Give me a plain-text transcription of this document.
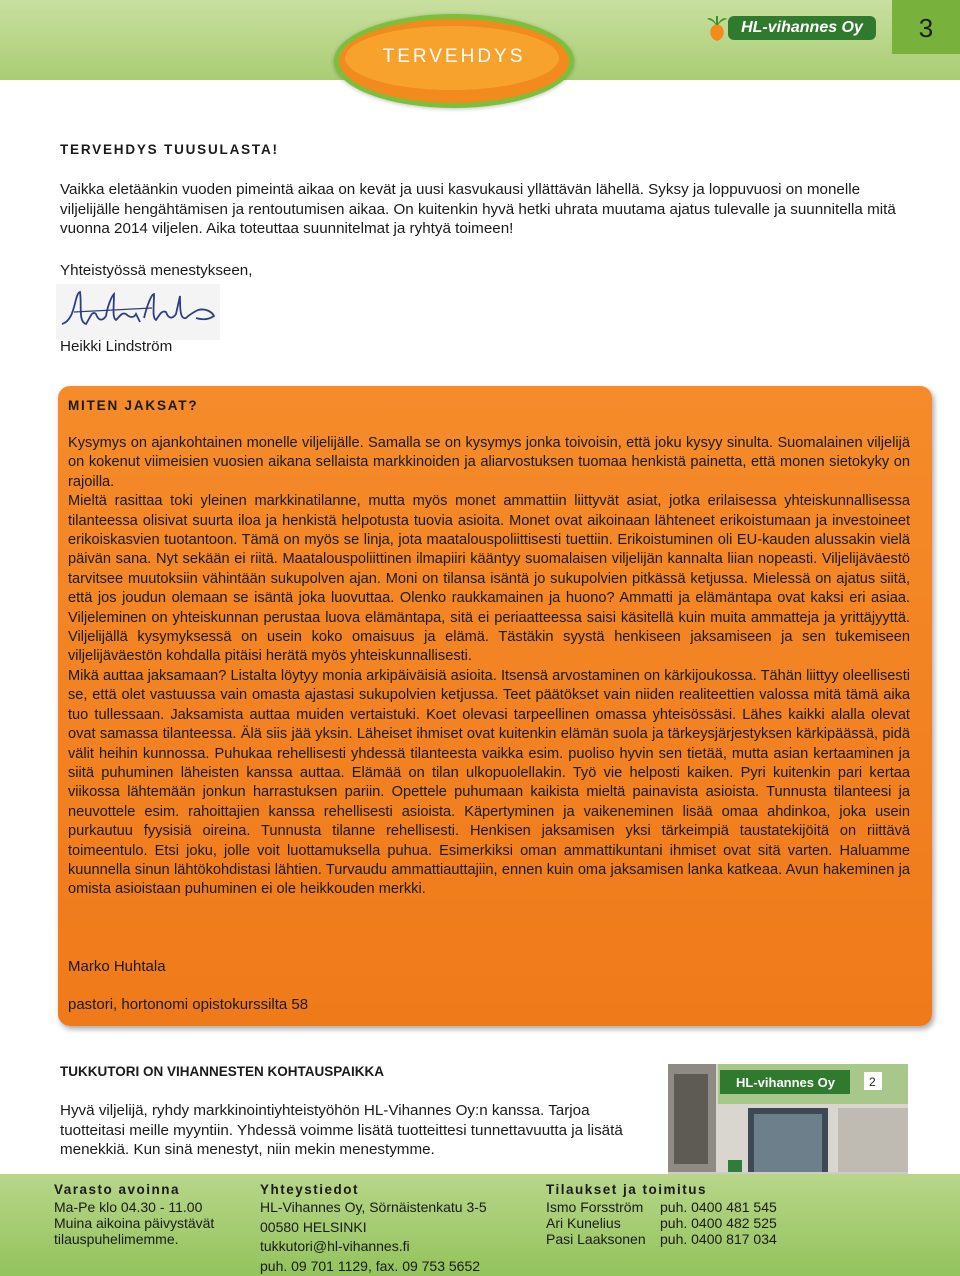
3
TERVEHDYS
HL-vihannes Oy
TERVEHDYS TUUSULASTA!
Vaikka eletäänkin vuoden pimeintä aikaa on kevät ja uusi kasvukausi yllättävän lähellä. Syksy ja loppuvuosi on monelle viljelijälle hengähtämisen ja rentoutumisen aikaa. On kuitenkin hyvä hetki uhrata muutama ajatus tulevalle ja suunnitella mitä vuonna 2014 viljelen. Aika toteuttaa suunnitelmat ja ryhtyä toimeen!
Yhteistyössä menestykseen,
Heikki Lindström
MITEN JAKSAT?

Kysymys on ajankohtainen monelle viljelijälle. Samalla se on kysymys jonka toivoisin, että joku kysyy sinulta. Suomalainen viljelijä on kokenut viimeisien vuosien aikana sellaista markkinoiden ja aliarvostuksen tuomaa henkistä painetta, että monen sietokyky on rajoilla.

Mieltä rasittaa toki yleinen markkinatilanne, mutta myös monet ammattiin liittyvät asiat, jotka erilaisessa yhteiskunnallisessa tilanteessa olisivat suurta iloa ja henkistä helpotusta tuovia asioita. Monet ovat aikoinaan lähteneet erikoistumaan ja investoineet erikoiskasvien tuotantoon. Tämä on myös se linja, jota maatalouspoliittisesti tuettiin. Erikoistuminen oli EU-kauden alussakin vielä päivän sana. Nyt sekään ei riitä. Maatalouspoliittinen ilmapiiri kääntyy suomalaisen viljelijän kannalta liian nopeasti. Viljelijäväestö tarvitsee muutoksiin vähintään sukupolven ajan. Moni on tilansa isäntä jo sukupolvien pitkässä ketjussa. Mielessä on ajatus siitä, että jos joudun olemaan se isäntä joka luovuttaa. Olenko raukkamainen ja huono? Ammatti ja elämäntapa ovat kaksi eri asiaa. Viljeleminen on yhteiskunnan perustaa luova elämäntapa, sitä ei periaatteessa saisi käsitellä kuin muita ammatteja ja yrittäjyyttä. Viljelijällä kysymyksessä on usein koko omaisuus ja elämä. Tästäkin syystä henkiseen jaksamiseen ja sen tukemiseen viljelijäväestön kohdalla pitäisi herätä myös yhteiskunnallisesti.

Mikä auttaa jaksamaan? Listalta löytyy monia arkipäiväisiä asioita. Itsensä arvostaminen on kärkijoukossa. Tähän liittyy oleellisesti se, että olet vastuussa vain omasta ajastasi sukupolvien ketjussa. Teet päätökset vain niiden realiteettien valossa mitä tämä aika tuo tullessaan. Jaksamista auttaa muiden vertaistuki. Koet olevasi tarpeellinen omassa yhteisössäsi. Lähes kaikki alalla olevat ovat samassa tilanteessa. Älä siis jää yksin. Läheiset ihmiset ovat kuitenkin elämän suola ja tärkeysjärjestyksen kärkipäässä, pidä välit heihin kunnossa. Puhukaa rehellisesti yhdessä tilanteesta vaikka esim. puoliso hyvin sen tietää, mutta asian kertaaminen ja siitä puhuminen läheisten kanssa auttaa. Elämää on tilan ulkopuolellakin. Työ vie helposti kaiken. Pyri kuitenkin pari kertaa viikossa lähtemään jonkun harrastuksen pariin. Opettele puhumaan kaikista mieltä painavista asioista. Tunnusta tilanteesi ja neuvottele esim. rahoittajien kanssa rehellisesti asioista. Käpertyminen ja vaikeneminen lisää omaa ahdinkoa, joka usein purkautuu fyysisiä oireina. Tunnusta tilanne rehellisesti. Henkisen jaksamisen yksi tärkeimpiä taustatekijöitä on riittävä toimeentulo. Etsi joku, jolle voit luottamuksella puhua. Esimerkiksi oman ammattikuntani ihmiset ovat sitä varten. Haluamme kuunnella sinun lähtökohdistasi lähtien. Turvaudu ammattiauttajiin, ennen kuin oma jaksamisen lanka katkeaa. Avun hakeminen ja omista asioistaan puhuminen ei ole heikkouden merkki.

Marko Huhtala
pastori, hortonomi opistokurssilta 58
TUKKUTORI ON VIHANNESTEN KOHTAUSPAIKKA
Hyvä viljelijä, ryhdy markkinointiyhteistyöhön HL-Vihannes Oy:n kanssa. Tarjoa tuotteitasi meille myyntiin. Yhdessä voimme lisätä tuotteittesi tunnettavuutta ja lisätä menekkiä. Kun sinä menestyt, niin mekin menestymme.
HL-vihannes Oy	2
Varasto avoinna
Ma-Pe klo 04.30 - 11.00
Muina aikoina päivystävät
tilauspuhelimemme.
Yhteystiedot
HL-Vihannes Oy, Sörnäistenkatu 3-5
00580 HELSINKI
tukkutori@hl-vihannes.fi
puh. 09 701 1129, fax. 09 753 5652
Tilaukset ja toimitus
Ismo Forsström	puh. 0400 481 545
Ari Kunelius	puh. 0400 482 525
Pasi Laaksonen	puh. 0400 817 034
